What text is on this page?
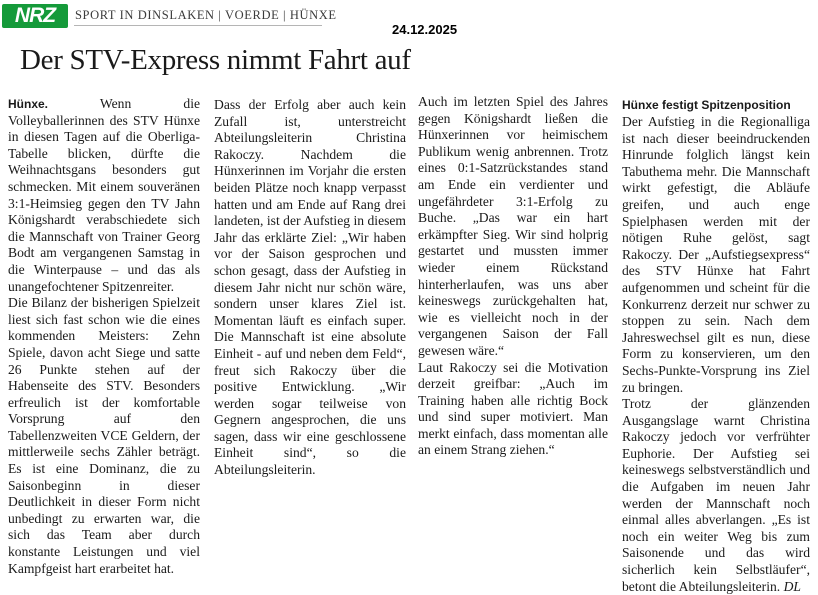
NRZ	SPORT IN DINSLAKEN | VOERDE | HÜNXE
24.12.2025
Der STV-Express nimmt Fahrt auf

Hünxe.	Wenn die Volleyballerinnen des STV Hünxe in diesen Tagen auf die Oberliga-Tabelle blicken, dürfte die Weihnachtsgans besonders gut schmecken. Mit einem souveränen 3:1-Heimsieg gegen den TV Jahn Königshardt verabschiedete sich die Mannschaft von Trainer Georg Bodt am vergangenen Samstag in die Winterpause – und das als unangefochtener Spitzenreiter.

Die Bilanz der bisherigen Spielzeit liest sich fast schon wie die eines kommenden Meisters: Zehn Spiele, davon acht Siege und satte 26 Punkte stehen auf der Habenseite des STV. Besonders erfreulich ist der komfortable Vorsprung auf den Tabellenzweiten VCE Geldern, der mittlerweile sechs Zähler beträgt. Es ist eine Dominanz, die zu Saisonbeginn in dieser Deutlichkeit in dieser Form nicht unbedingt zu erwarten war, die sich das Team aber durch konstante Leistungen und viel Kampfgeist hart erarbeitet hat.

Dass der Erfolg aber auch kein Zufall ist, unterstreicht Abteilungsleiterin Christina Rakoczy. Nachdem die Hünxerinnen im Vorjahr die ersten beiden Plätze noch knapp verpasst hatten und am Ende auf Rang drei landeten, ist der Aufstieg in diesem Jahr das erklärte Ziel: „Wir haben vor der Saison gesprochen und schon gesagt, dass der Aufstieg in diesem Jahr nicht nur schön wäre, sondern unser klares Ziel ist. Momentan läuft es einfach super. Die Mannschaft ist eine absolute Einheit - auf und neben dem Feld“, freut sich Rakoczy über die positive Entwicklung. „Wir werden sogar teilweise von Gegnern angesprochen, die uns sagen, dass wir eine geschlossene Einheit sind“, so die Abteilungsleiterin.

Auch im letzten Spiel des Jahres gegen Königshardt ließen die Hünxerinnen vor heimischem Publikum wenig anbrennen. Trotz eines 0:1-Satzrückstandes stand am Ende ein verdienter und ungefährdeter 3:1-Erfolg zu Buche. „Das war ein hart erkämpfter Sieg. Wir sind holprig gestartet und mussten immer wieder einem Rückstand hinterherlaufen, was uns aber keineswegs zurückgehalten hat, wie es vielleicht noch in der vergangenen Saison der Fall gewesen wäre.“

Laut Rakoczy sei die Motivation derzeit greifbar: „Auch im Training haben alle richtig Bock und sind super motiviert. Man merkt einfach, dass momentan alle an einem Strang ziehen.“

Hünxe festigt Spitzenposition

Der Aufstieg in die Regionalliga ist nach dieser beeindruckenden Hinrunde folglich längst kein Tabuthema mehr. Die Mannschaft wirkt gefestigt, die Abläufe greifen, und auch enge Spielphasen werden mit der nötigen Ruhe gelöst, sagt Rakoczy. Der „Aufstiegsexpress“ des STV Hünxe hat Fahrt aufgenommen und scheint für die Konkurrenz derzeit nur schwer zu stoppen zu sein. Nach dem Jahreswechsel gilt es nun, diese Form zu konservieren, um den Sechs-Punkte-Vorsprung ins Ziel zu bringen.

Trotz der glänzenden Ausgangslage warnt Christina Rakoczy jedoch vor verfrühter Euphorie. Der Aufstieg sei keineswegs selbstverständlich und die Aufgaben im neuen Jahr werden der Mannschaft noch einmal alles abverlangen. „Es ist noch ein weiter Weg bis zum Saisonende und das wird sicherlich kein Selbstläufer“, betont die Abteilungsleiterin. DL
